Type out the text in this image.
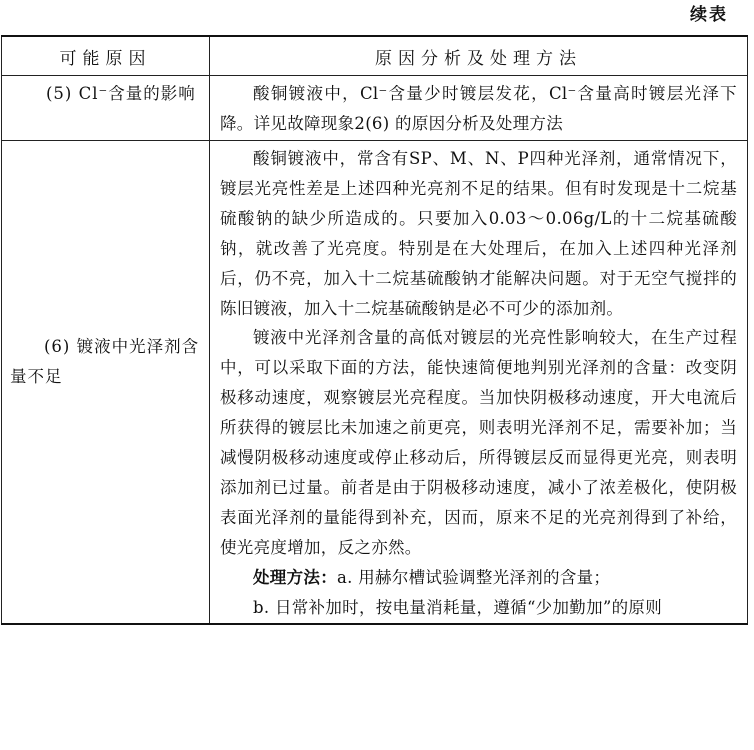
续表
可能原因	原因分析及处理方法

(5) Cl⁻含量的影响	酸铜镀液中，Cl⁻含量少时镀层发花，Cl⁻含量高时镀层光泽下降。详见故障现象2(6) 的原因分析及处理方法

(6) 镀液中光泽剂含量不足	酸铜镀液中，常含有SP、M、N、P四种光泽剂，通常情况下，镀层光亮性差是上述四种光亮剂不足的结果。但有时发现是十二烷基硫酸钠的缺少所造成的。只要加入0.03～0.06g/L的十二烷基硫酸钠，就改善了光亮度。特别是在大处理后，在加入上述四种光泽剂后，仍不亮，加入十二烷基硫酸钠才能解决问题。对于无空气搅拌的陈旧镀液，加入十二烷基硫酸钠是必不可少的添加剂。

镀液中光泽剂含量的高低对镀层的光亮性影响较大，在生产过程中，可以采取下面的方法，能快速简便地判别光泽剂的含量：改变阴极移动速度，观察镀层光亮程度。当加快阴极移动速度，开大电流后所获得的镀层比未加速之前更亮，则表明光泽剂不足，需要补加；当减慢阴极移动速度或停止移动后，所得镀层反而显得更光亮，则表明添加剂已过量。前者是由于阴极移动速度，减小了浓差极化，使阴极表面光泽剂的量能得到补充，因而，原来不足的光亮剂得到了补给，使光亮度增加，反之亦然。

处理方法：a. 用赫尔槽试验调整光泽剂的含量；

b. 日常补加时，按电量消耗量，遵循“少加勤加”的原则
